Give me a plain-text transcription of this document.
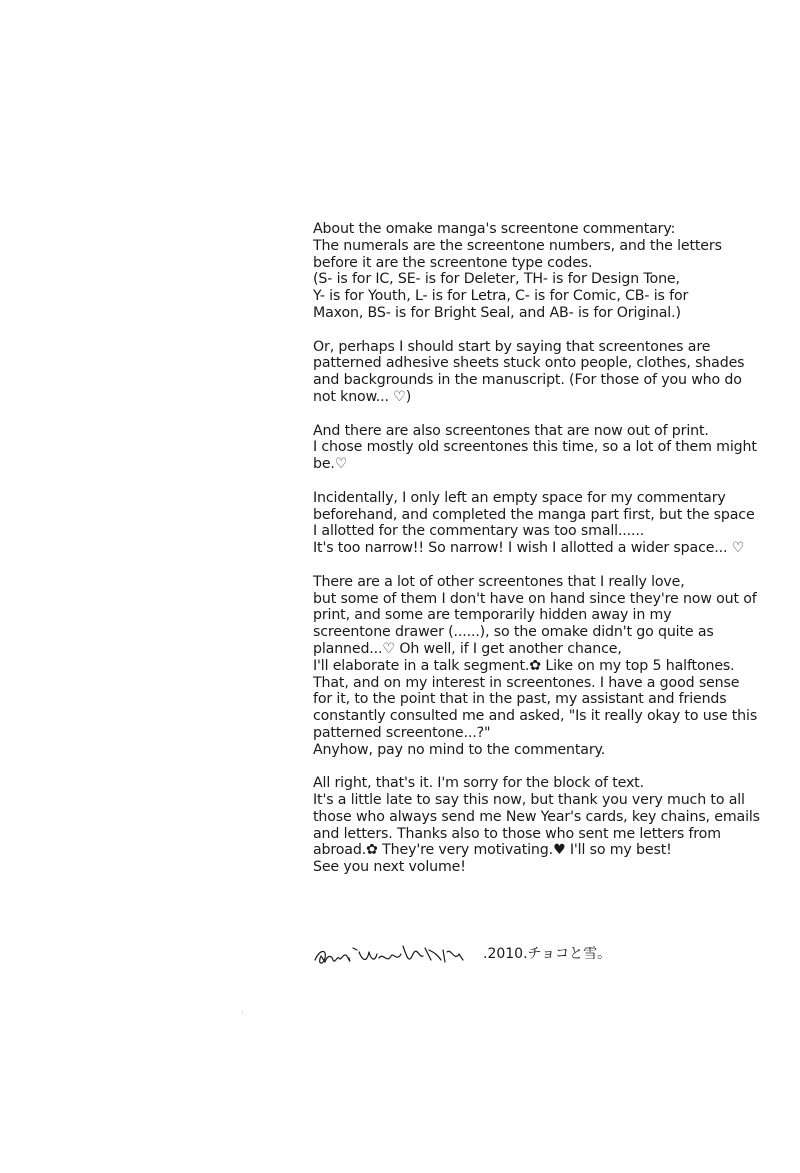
About the omake manga's screentone commentary:
The numerals are the screentone numbers, and the letters
before it are the screentone type codes.
(S- is for IC, SE- is for Deleter, TH- is for Design Tone,
Y- is for Youth, L- is for Letra, C- is for Comic, CB- is for
Maxon, BS- is for Bright Seal, and AB- is for Original.)
Or, perhaps I should start by saying that screentones are
patterned adhesive sheets stuck onto people, clothes, shades
and backgrounds in the manuscript. (For those of you who do
not know... ♡)
And there are also screentones that are now out of print.
I chose mostly old screentones this time, so a lot of them might
be.♡
Incidentally, I only left an empty space for my commentary
beforehand, and completed the manga part first, but the space
I allotted for the commentary was too small......
It's too narrow!! So narrow! I wish I allotted a wider space... ♡
There are a lot of other screentones that I really love,
but some of them I don't have on hand since they're now out of
print, and some are temporarily hidden away in my
screentone drawer (......), so the omake didn't go quite as
planned...♡ Oh well, if I get another chance,
I'll elaborate in a talk segment.✿ Like on my top 5 halftones.
That, and on my interest in screentones. I have a good sense
for it, to the point that in the past, my assistant and friends
constantly consulted me and asked, "Is it really okay to use this
patterned screentone...?"
Anyhow, pay no mind to the commentary.
All right, that's it. I'm sorry for the block of text.
It's a little late to say this now, but thank you very much to all
those who always send me New Year's cards, key chains, emails
and letters. Thanks also to those who sent me letters from
abroad.✿ They're very motivating.♥ I'll so my best!
See you next volume!
.2010.チョコと雪。
